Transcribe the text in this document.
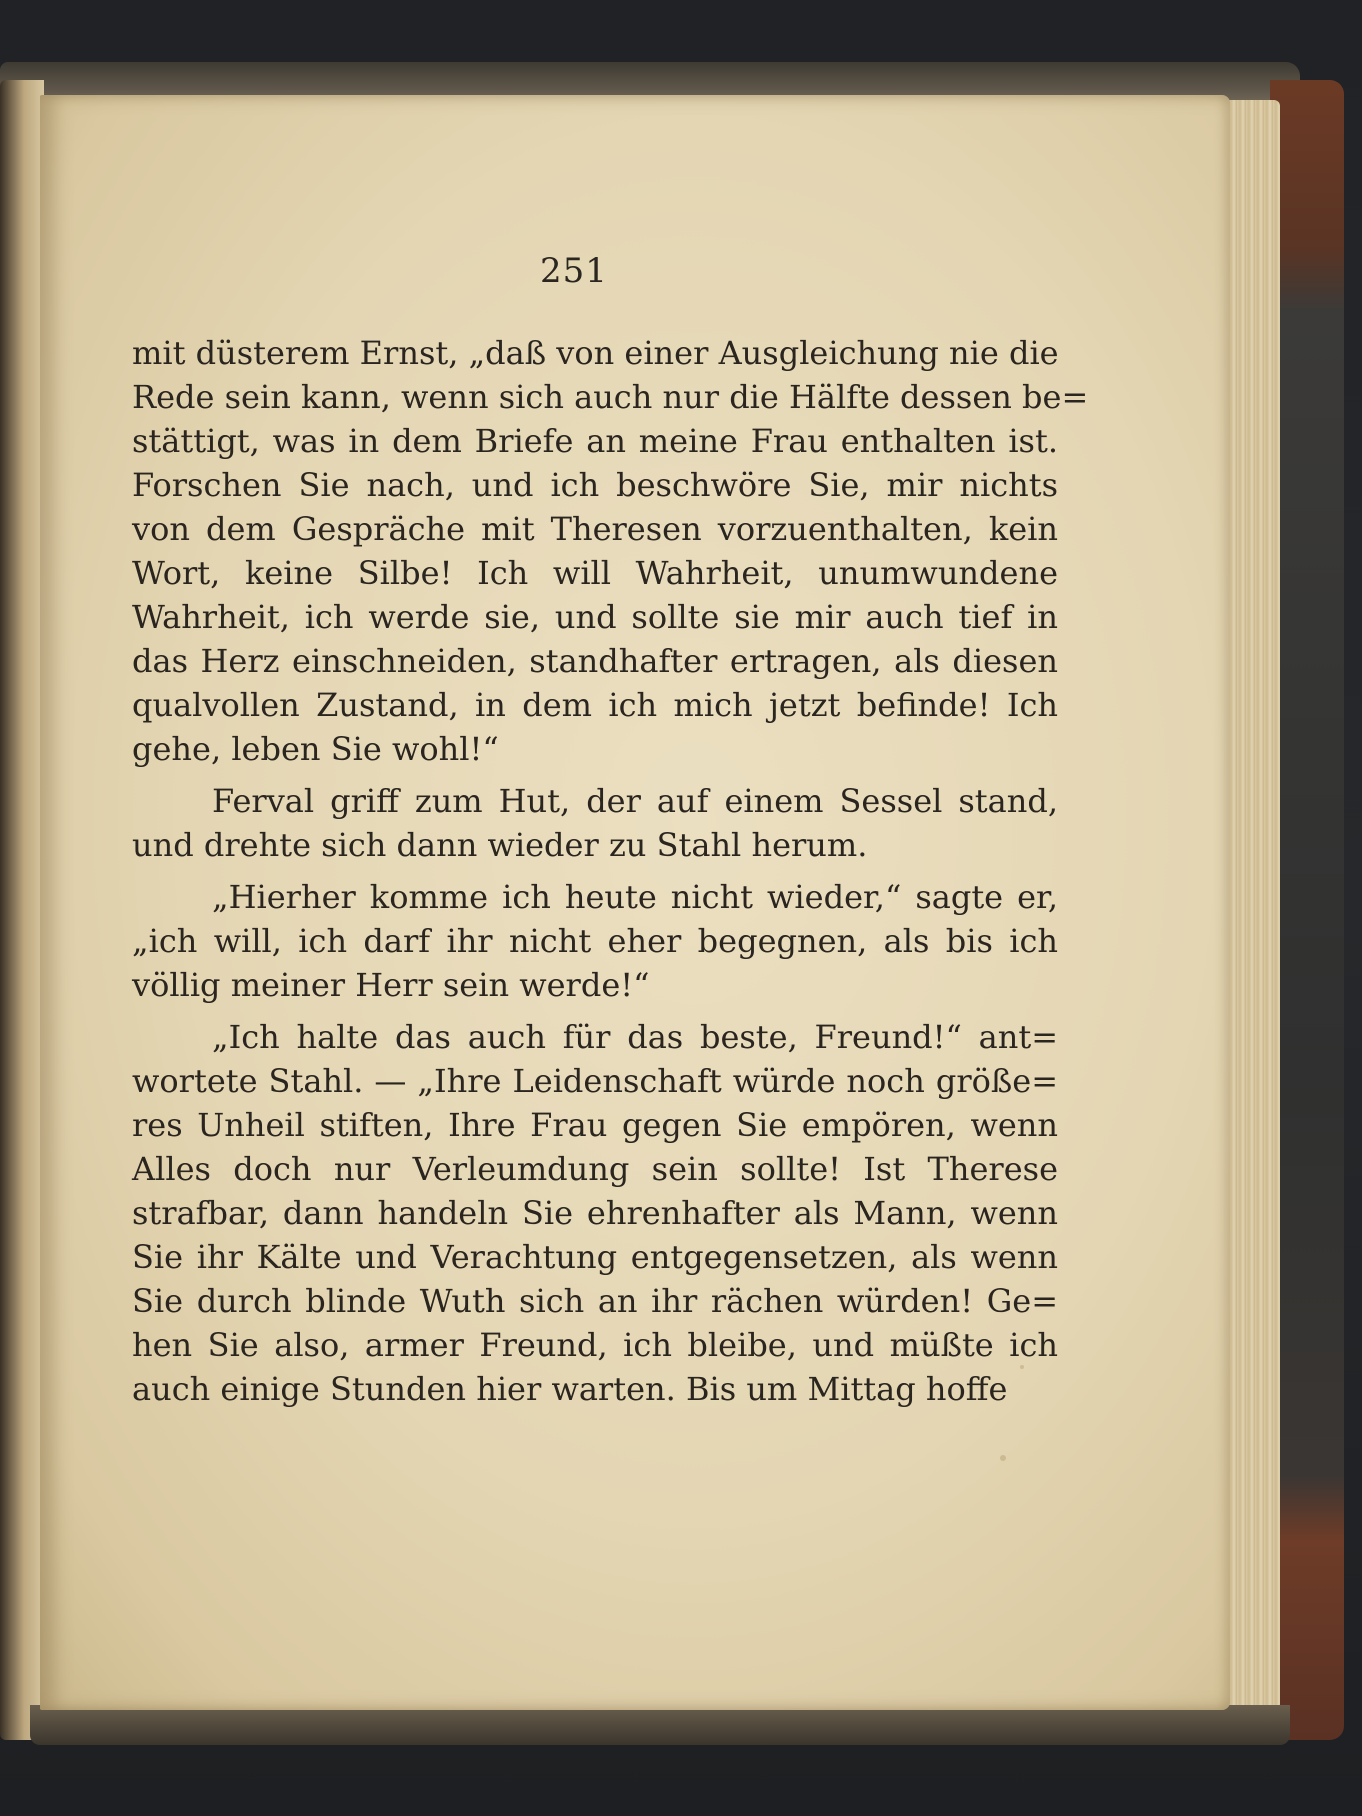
251
mit düsterem Ernst, „daß von einer Ausgleichung nie die
Rede sein kann, wenn sich auch nur die Hälfte dessen be=
stättigt, was in dem Briefe an meine Frau enthalten ist.
Forschen Sie nach, und ich beschwöre Sie, mir nichts
von dem Gespräche mit Theresen vorzuenthalten, kein
Wort, keine Silbe! Ich will Wahrheit, unumwundene
Wahrheit, ich werde sie, und sollte sie mir auch tief in
das Herz einschneiden, standhafter ertragen, als diesen
qualvollen Zustand, in dem ich mich jetzt befinde! Ich
gehe, leben Sie wohl!“
Ferval griff zum Hut, der auf einem Sessel stand,
und drehte sich dann wieder zu Stahl herum.
„Hierher komme ich heute nicht wieder,“ sagte er,
„ich will, ich darf ihr nicht eher begegnen, als bis ich
völlig meiner Herr sein werde!“
„Ich halte das auch für das beste, Freund!“ ant=
wortete Stahl. — „Ihre Leidenschaft würde noch größe=
res Unheil stiften, Ihre Frau gegen Sie empören, wenn
Alles doch nur Verleumdung sein sollte! Ist Therese
strafbar, dann handeln Sie ehrenhafter als Mann, wenn
Sie ihr Kälte und Verachtung entgegensetzen, als wenn
Sie durch blinde Wuth sich an ihr rächen würden! Ge=
hen Sie also, armer Freund, ich bleibe, und müßte ich
auch einige Stunden hier warten. Bis um Mittag hoffe
